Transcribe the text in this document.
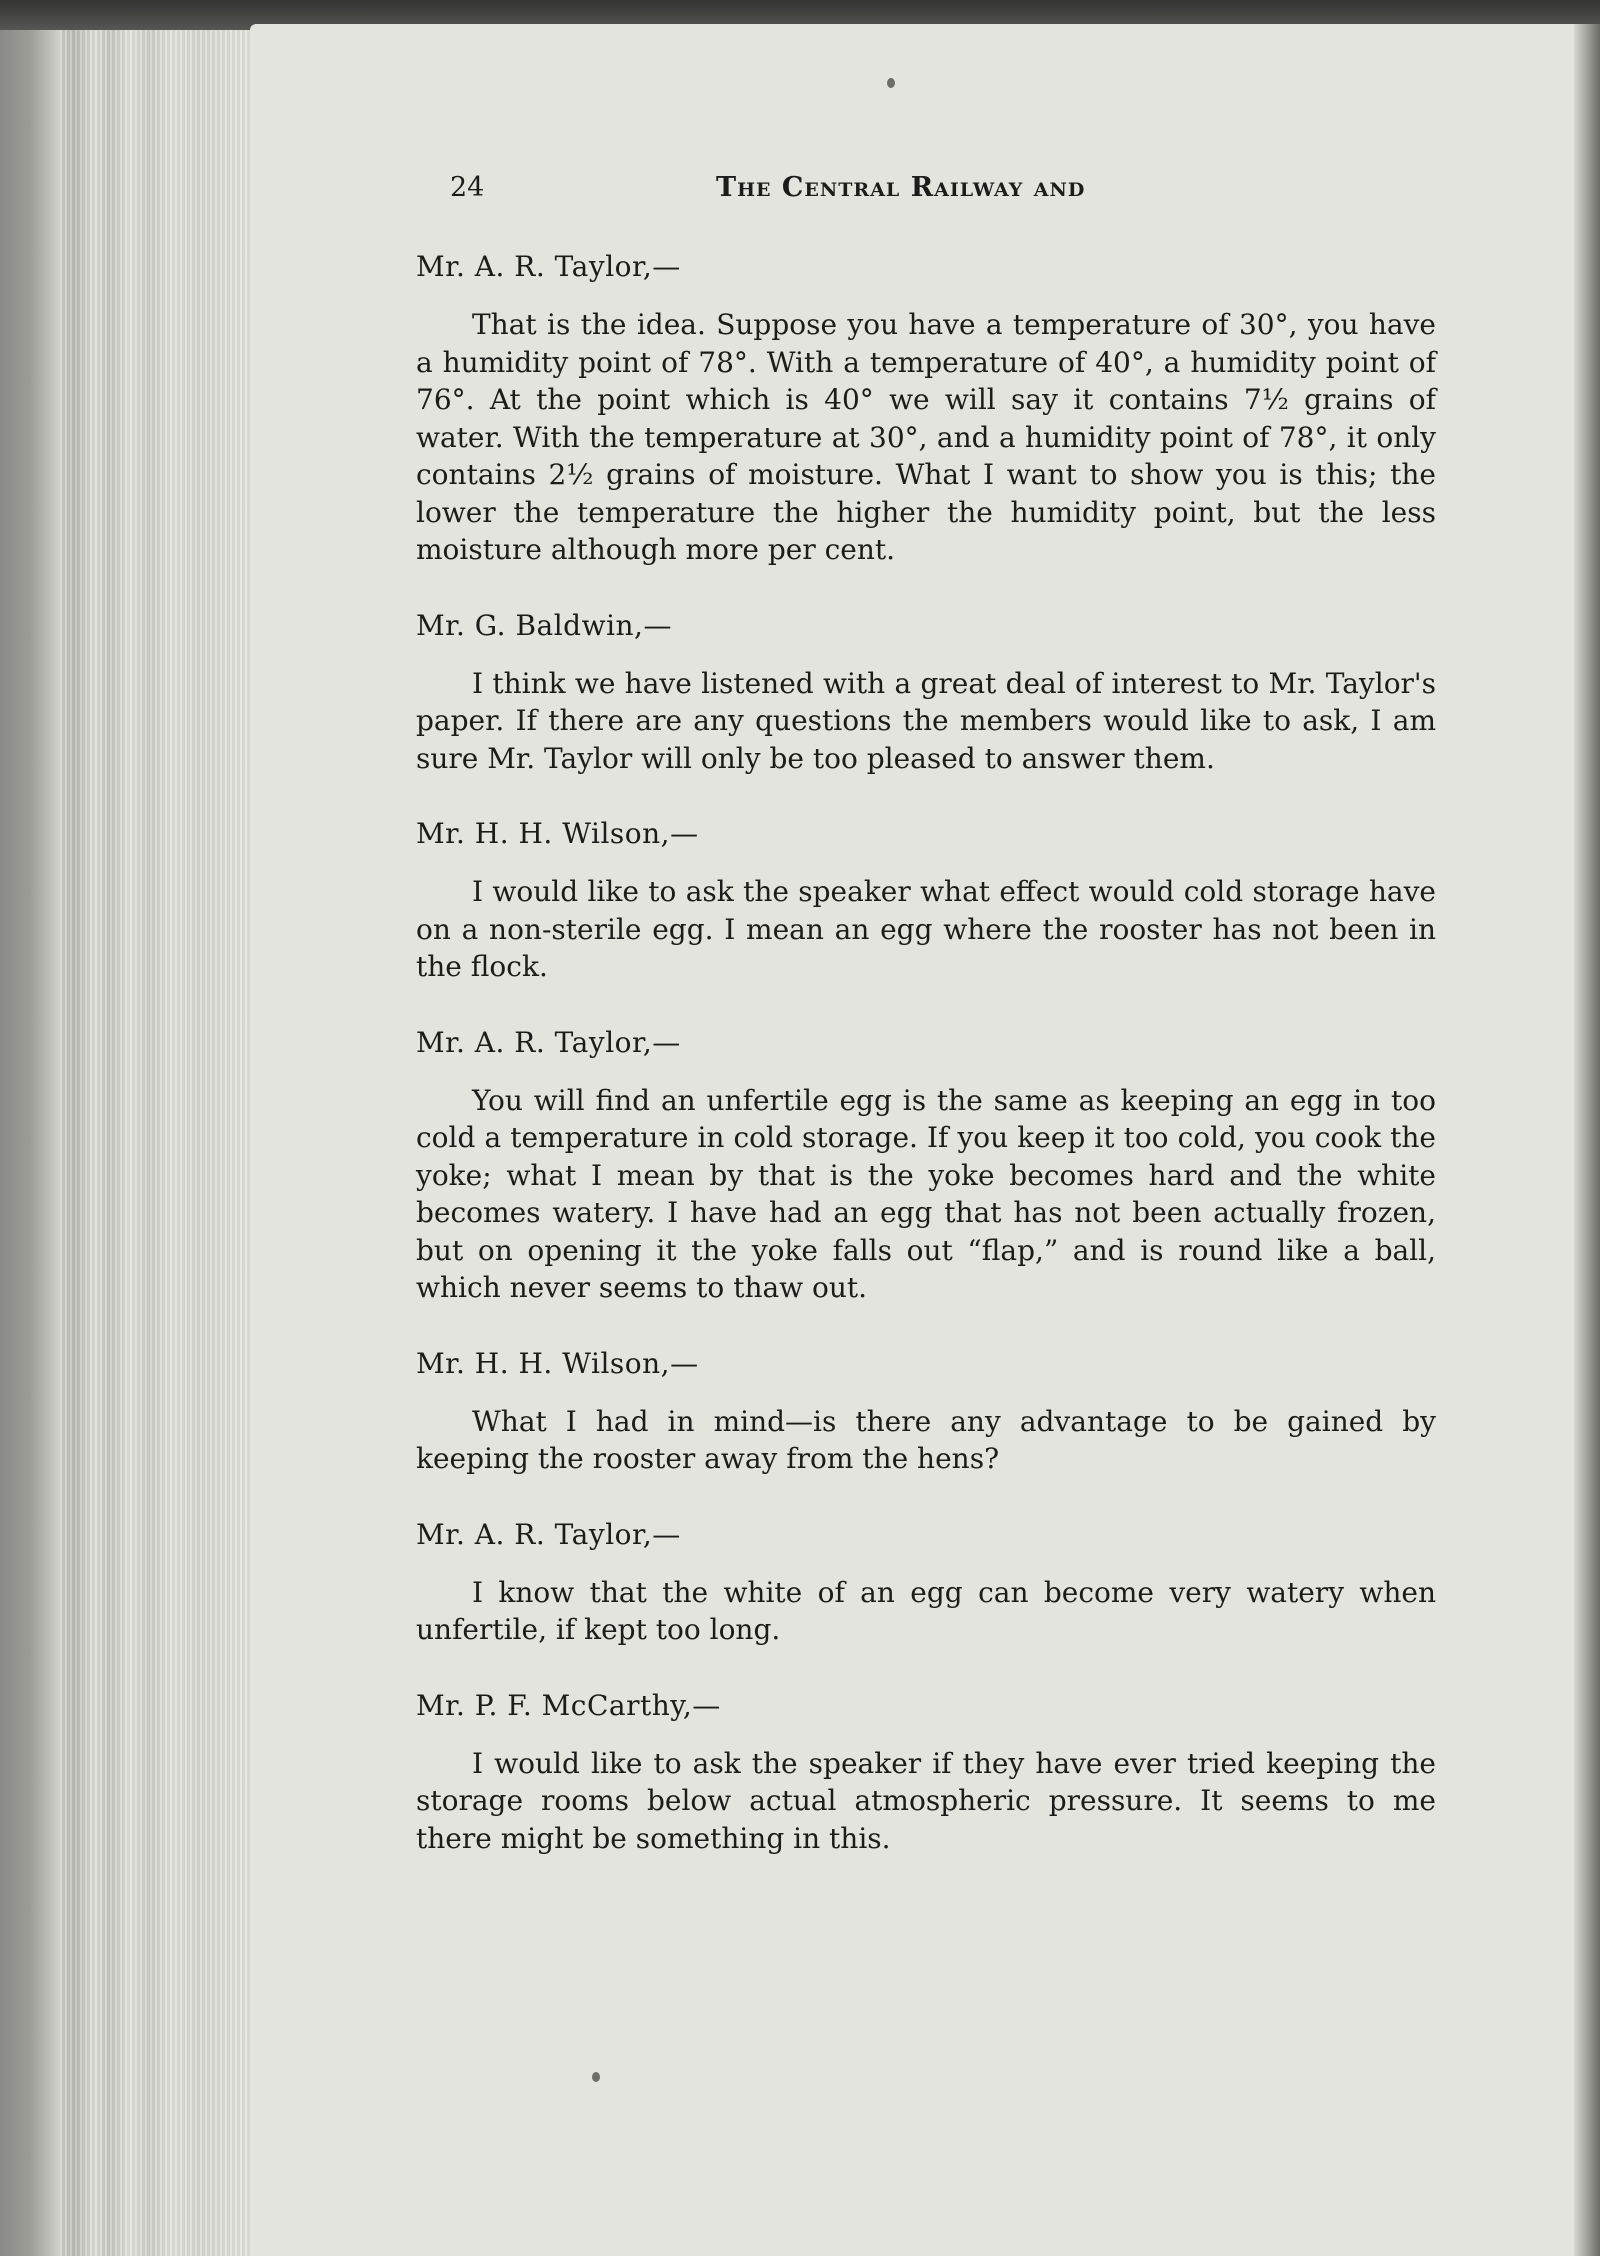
24	The Central Railway and

Mr. A. R. Taylor,—

That is the idea. Suppose you have a temperature of 30°, you have a humidity point of 78°. With a temperature of 40°, a humidity point of 76°. At the point which is 40° we will say it contains 7½ grains of water. With the temperature at 30°, and a humidity point of 78°, it only contains 2½ grains of moisture. What I want to show you is this; the lower the temperature the higher the humidity point, but the less moisture although more per cent.

Mr. G. Baldwin,—

I think we have listened with a great deal of interest to Mr. Taylor's paper. If there are any questions the members would like to ask, I am sure Mr. Taylor will only be too pleased to answer them.

Mr. H. H. Wilson,—

I would like to ask the speaker what effect would cold storage have on a non-sterile egg. I mean an egg where the rooster has not been in the flock.

Mr. A. R. Taylor,—

You will find an unfertile egg is the same as keeping an egg in too cold a temperature in cold storage. If you keep it too cold, you cook the yoke; what I mean by that is the yoke becomes hard and the white becomes watery. I have had an egg that has not been actually frozen, but on opening it the yoke falls out “flap,” and is round like a ball, which never seems to thaw out.

Mr. H. H. Wilson,—

What I had in mind—is there any advantage to be gained by keeping the rooster away from the hens?

Mr. A. R. Taylor,—

I know that the white of an egg can become very watery when unfertile, if kept too long.

Mr. P. F. McCarthy,—

I would like to ask the speaker if they have ever tried keeping the storage rooms below actual atmospheric pressure. It seems to me there might be something in this.
